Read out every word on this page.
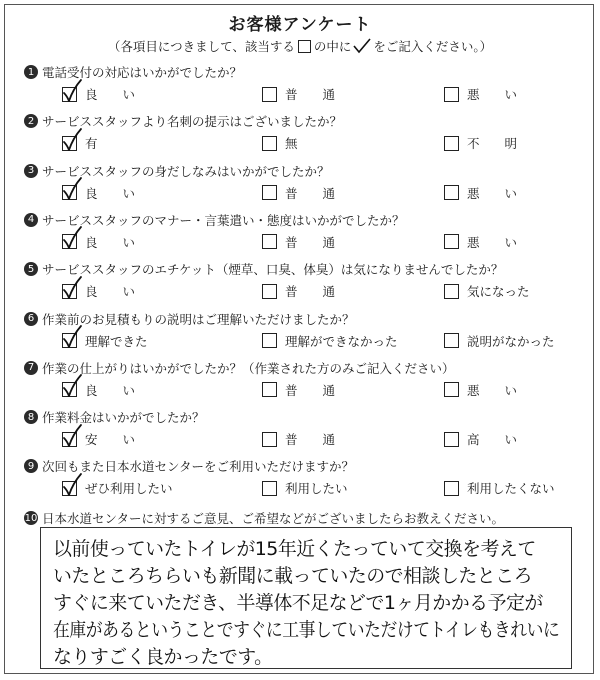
お客様アンケート
（各項目につきまして、該当する の中に をご記入ください。）
1 電話受付の対応はいかがでしたか？
良　　い	普　　通	悪　　い
2 サービススタッフより名刺の提示はございましたか？
有	無	不　　明
3 サービススタッフの身だしなみはいかがでしたか？
良　　い	普　　通	悪　　い
4 サービススタッフのマナー・言葉遣い・態度はいかがでしたか？
良　　い	普　　通	悪　　い
5 サービススタッフのエチケット（煙草、口臭、体臭）は気になりませんでしたか？
良　　い	普　　通	気になった
6 作業前のお見積もりの説明はご理解いただけましたか？
理解できた	理解ができなかった	説明がなかった
7 作業の仕上がりはいかがでしたか？（作業された方のみご記入ください）
良　　い	普　　通	悪　　い
8 作業料金はいかがでしたか？
安　　い	普　　通	高　　い
9 次回もまた日本水道センターをご利用いただけますか？
ぜひ利用したい	利用したい	利用したくない
10 日本水道センターに対するご意見、ご希望などがございましたらお教えください。
以前使っていたトイレが15年近くたっていて交換を考えて
いたところちらいも新聞に載っていたので相談したところ
すぐに来ていただき、半導体不足などで1ヶ月かかる予定が
在庫があるということですぐに工事していただけてトイレもきれいに
なりすごく良かったです。
